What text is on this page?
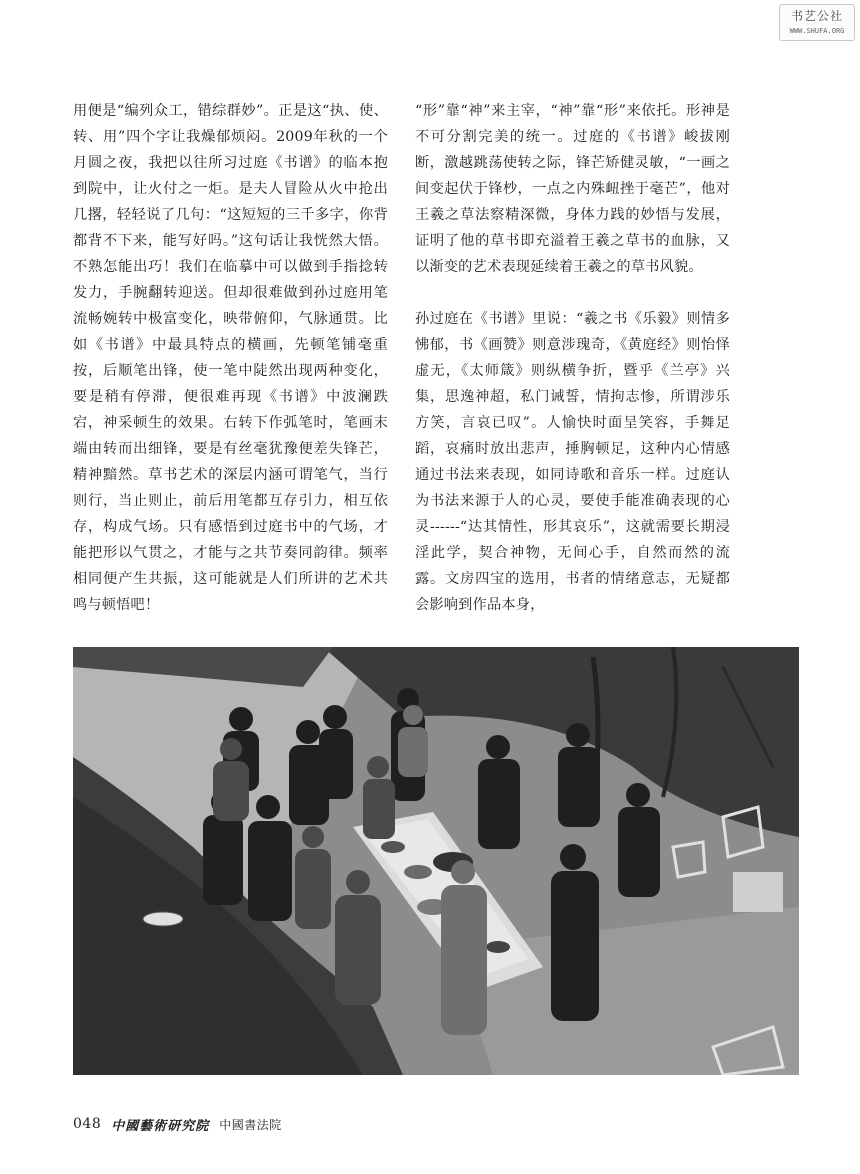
书艺公社
WWW.SHUFA.ORG

用便是“编列众工，错综群妙”。正是这“执、使、转、用”四个字让我燥郁烦闷。2009年秋的一个月圆之夜，我把以往所习过庭《书谱》的临本抱到院中，让火付之一炬。是夫人冒险从火中抢出几撂，轻轻说了几句：“这短短的三千多字，你背都背不下来，能写好吗。”这句话让我恍然大悟。不熟怎能出巧！我们在临摹中可以做到手指捻转发力，手腕翻转迎送。但却很难做到孙过庭用笔流畅婉转中极富变化，映带俯仰，气脉通贯。比如《书谱》中最具特点的横画，先顿笔铺毫重按，后顺笔出锋，使一笔中陡然出现两种变化，要是稍有停滞，便很难再现《书谱》中波澜跌宕，神采顿生的效果。右转下作弧笔时，笔画末端由转而出细锋，要是有丝毫犹豫便差失锋芒，精神黯然。草书艺术的深层内涵可谓笔气，当行则行，当止则止，前后用笔都互存引力，相互依存，构成气场。只有感悟到过庭书中的气场，才能把形以气贯之，才能与之共节奏同韵律。频率相同便产生共振，这可能就是人们所讲的艺术共鸣与顿悟吧！

“形”靠“神”来主宰，“神”靠“形”来依托。形神是不可分割完美的统一。过庭的《书谱》峻拔刚断，激越跳荡使转之际，锋芒矫健灵敏，“一画之间变起伏于锋杪，一点之内殊衄挫于毫芒”，他对王羲之草法察精深微，身体力践的妙悟与发展，证明了他的草书即充溢着王羲之草书的血脉，又以渐变的艺术表现延续着王羲之的草书风貌。

孙过庭在《书谱》里说：“羲之书《乐毅》则情多怫郁，书《画赞》则意涉瑰奇，《黄庭经》则怡怿虚无，《太师箴》则纵横争折，暨乎《兰亭》兴集，思逸神超，私门诫誓，情拘志惨，所谓涉乐方笑，言哀已叹”。人愉快时面呈笑容，手舞足蹈，哀痛时放出悲声，捶胸顿足，这种内心情感通过书法来表现，如同诗歌和音乐一样。过庭认为书法来源于人的心灵，要使手能准确表现的心灵------“达其情性，形其哀乐”，这就需要长期浸淫此学，契合神物，无间心手，自然而然的流露。文房四宝的选用，书者的情绪意志，无疑都会影响到作品本身，

048 中國藝術研究院 中國書法院
